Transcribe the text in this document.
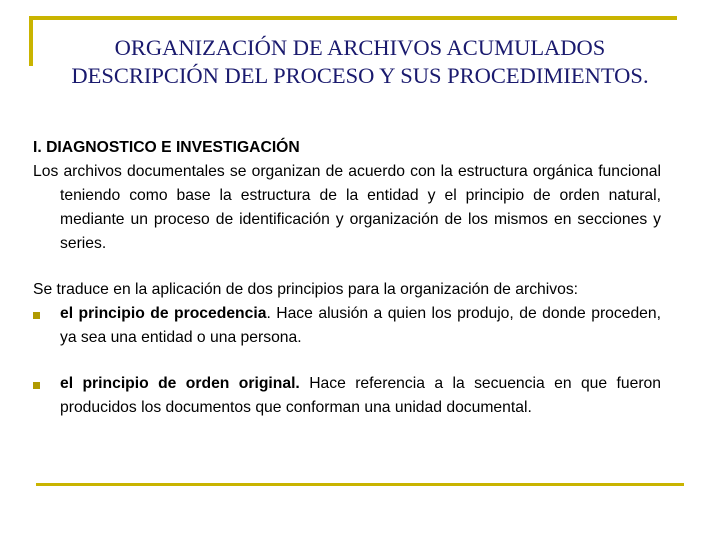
ORGANIZACIÓN DE ARCHIVOS ACUMULADOS
DESCRIPCIÓN DEL PROCESO Y SUS PROCEDIMIENTOS.
I. DIAGNOSTICO E INVESTIGACIÓN
Los archivos documentales se organizan de acuerdo con la estructura orgánica funcional teniendo como base la estructura de la entidad y el principio de orden natural, mediante un proceso de identificación y organización de los mismos en secciones y series.
Se traduce en la aplicación de dos principios para la organización de archivos:
el principio de procedencia. Hace alusión a quien los produjo, de donde proceden, ya sea una entidad o una persona.
el principio de orden original. Hace referencia a la secuencia en que fueron producidos los documentos que conforman una unidad documental.
